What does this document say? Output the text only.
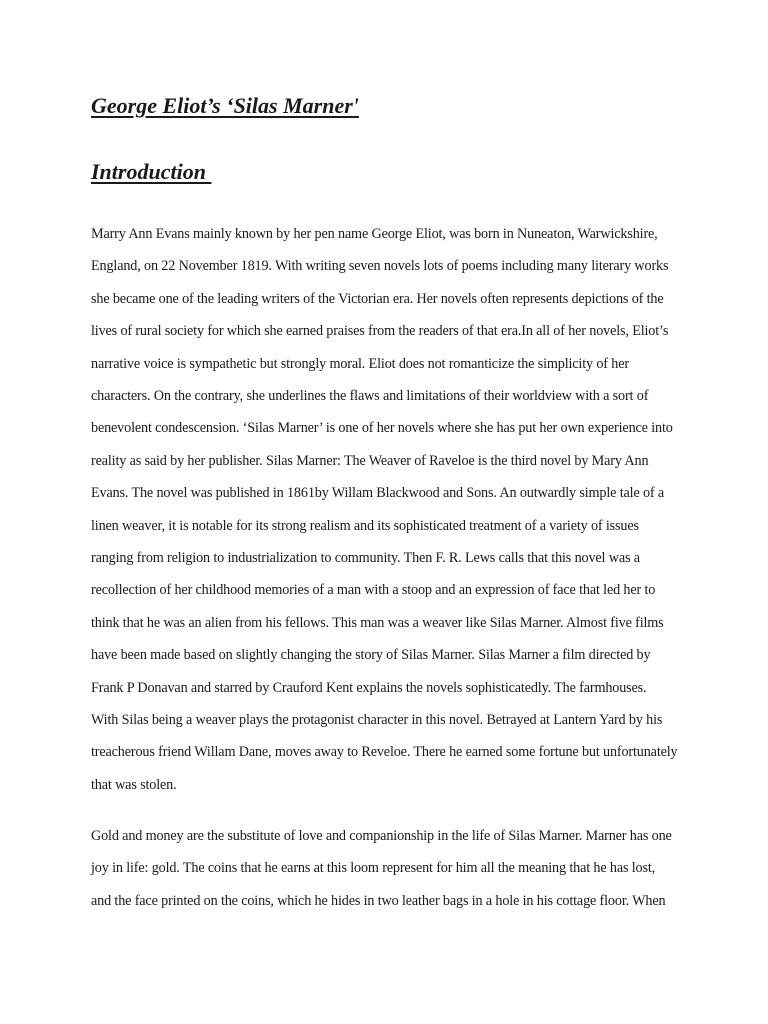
George Eliot’s ‘Silas Marner'
Introduction
Marry Ann Evans mainly known by her pen name George Eliot, was born in Nuneaton, Warwickshire,
England, on 22 November 1819. With writing seven novels lots of poems including many literary works
she became one of the leading writers of the Victorian era. Her novels often represents depictions of the
lives of rural society for which she earned praises from the readers of that era.In all of her novels, Eliot’s
narrative voice is sympathetic but strongly moral. Eliot does not romanticize the simplicity of her
characters. On the contrary, she underlines the flaws and limitations of their worldview with a sort of
benevolent condescension. ‘Silas Marner’ is one of her novels where she has put her own experience into
reality as said by her publisher. Silas Marner: The Weaver of Raveloe is the third novel by Mary Ann
Evans. The novel was published in 1861by Willam Blackwood and Sons. An outwardly simple tale of a
linen weaver, it is notable for its strong realism and its sophisticated treatment of a variety of issues
ranging from religion to industrialization to community. Then F. R. Lews calls that this novel was a
recollection of her childhood memories of a man with a stoop and an expression of face that led her to
think that he was an alien from his fellows. This man was a weaver like Silas Marner. Almost five films
have been made based on slightly changing the story of Silas Marner. Silas Marner a film directed by
Frank P Donavan and starred by Crauford Kent explains the novels sophisticatedly. The farmhouses.
With Silas being a weaver plays the protagonist character in this novel. Betrayed at Lantern Yard by his
treacherous friend Willam Dane, moves away to Reveloe. There he earned some fortune but unfortunately
that was stolen.
Gold and money are the substitute of love and companionship in the life of Silas Marner. Marner has one
joy in life: gold. The coins that he earns at this loom represent for him all the meaning that he has lost,
and the face printed on the coins, which he hides in two leather bags in a hole in his cottage floor. When
